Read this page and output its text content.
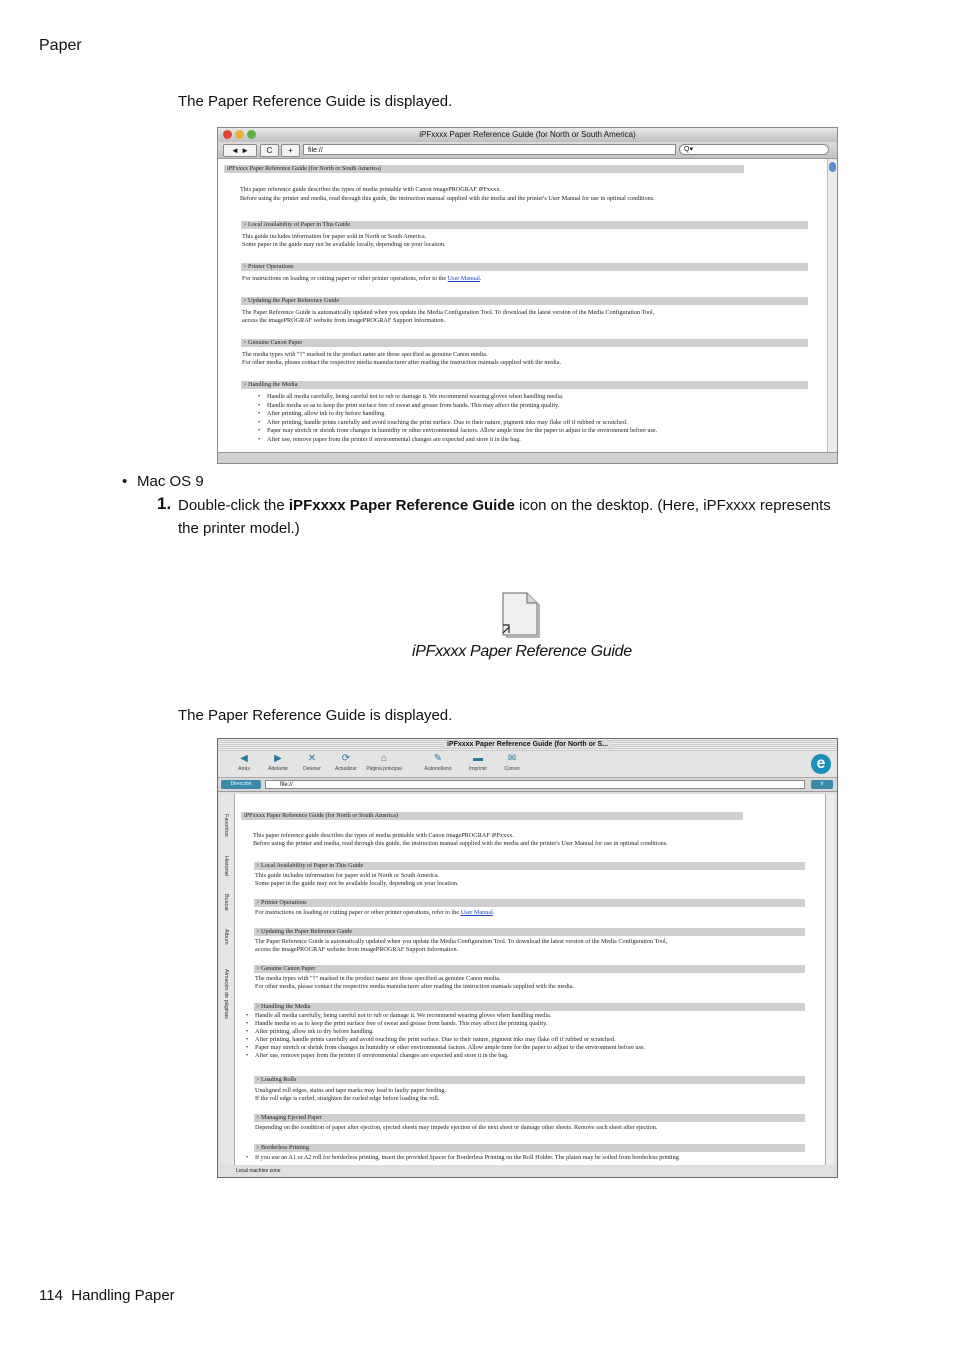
Paper
The Paper Reference Guide is displayed.
iPFxxxx Paper Reference Guide (for North or South America)
◄ ►	C	+	file://	Q▾
iPFxxxx Paper Reference Guide (for North or South America)
This paper reference guide describes the types of media printable with Canon imagePROGRAF iPFxxxx.
Before using the printer and media, read through this guide, the instruction manual supplied with the media and the printer's User Manual for use in optimal conditions.
> Local Availability of Paper in This Guide
This guide includes information for paper sold in North or South America.
Some paper in the guide may not be available locally, depending on your location.
> Printer Operations
For instructions on loading or cutting paper or other printer operations, refer to the User Manual.
> Updating the Paper Reference Guide
The Paper Reference Guide is automatically updated when you update the Media Configuration Tool. To download the latest version of the Media Configuration Tool,
access the imagePROGRAF website from imagePROGRAF Support Information.
> Genuine Canon Paper
The media types with "†" marked in the product name are those specified as genuine Canon media.
For other media, please contact the respective media manufacturer after reading the instruction manuals supplied with the media.
> Handling the Media
• Handle all media carefully, being careful not to rub or damage it. We recommend wearing gloves when handling media.
• Handle media so as to keep the print surface free of sweat and grease from hands. This may affect the printing quality.
• After printing, allow ink to dry before handling.
• After printing, handle prints carefully and avoid touching the print surface. Due to their nature, pigment inks may flake off if rubbed or scratched.
• Paper may stretch or shrink from changes in humidity or other environmental factors. Allow ample time for the paper to adjust to the environment before use.
• After use, remove paper from the printer if environmental changes are expected and store it in the bag.
• Mac OS 9
1. Double-click the iPFxxxx Paper Reference Guide icon on the desktop. (Here, iPFxxxx represents
the printer model.)
iPFxxxx Paper Reference Guide
The Paper Reference Guide is displayed.
iPFxxxx Paper Reference Guide (for North or S...
◀
Atrás
▶
Adelante
✕
Detener
⟳
Actualizar
⌂
Página principal
✎
Autorrelleno
▬
Imprimir
✉
Correo	e
Dirección	file://	ir
Favoritos
Historial
Buscar
Álbum
Almacén de páginas
iPFxxxx Paper Reference Guide (for North or South America)
This paper reference guide describes the types of media printable with Canon imagePROGRAF iPFxxxx.
Before using the printer and media, read through this guide, the instruction manual supplied with the media and the printer's User Manual for use in optimal conditions.
> Local Availability of Paper in This Guide
This guide includes information for paper sold in North or South America.
Some paper in the guide may not be available locally, depending on your location.
> Printer Operations
For instructions on loading or cutting paper or other printer operations, refer to the User Manual.
> Updating the Paper Reference Guide
The Paper Reference Guide is automatically updated when you update the Media Configuration Tool. To download the latest version of the Media Configuration Tool,
access the imagePROGRAF website from imagePROGRAF Support Information.
> Genuine Canon Paper
The media types with "†" marked in the product name are those specified as genuine Canon media.
For other media, please contact the respective media manufacturer after reading the instruction manuals supplied with the media.
> Handling the Media
• Handle all media carefully, being careful not to rub or damage it. We recommend wearing gloves when handling media.
• Handle media so as to keep the print surface free of sweat and grease from hands. This may affect the printing quality.
• After printing, allow ink to dry before handling.
• After printing, handle prints carefully and avoid touching the print surface. Due to their nature, pigment inks may flake off if rubbed or scratched.
• Paper may stretch or shrink from changes in humidity or other environmental factors. Allow ample time for the paper to adjust to the environment before use.
• After use, remove paper from the printer if environmental changes are expected and store it in the bag.
> Loading Rolls
Unaligned roll edges, stains and tape marks may lead to faulty paper feeding.
If the roll edge is curled, straighten the curled edge before loading the roll.
> Managing Ejected Paper
Depending on the condition of paper after ejection, ejected sheets may impede ejection of the next sheet or damage other sheets. Remove each sheet after ejection.
> Borderless Printing
• If you use an A1 or A2 roll for borderless printing, insert the provided Spacer for Borderless Printing on the Roll Holder. The platen may be soiled from borderless printing
Local machine zone
114 Handling Paper
